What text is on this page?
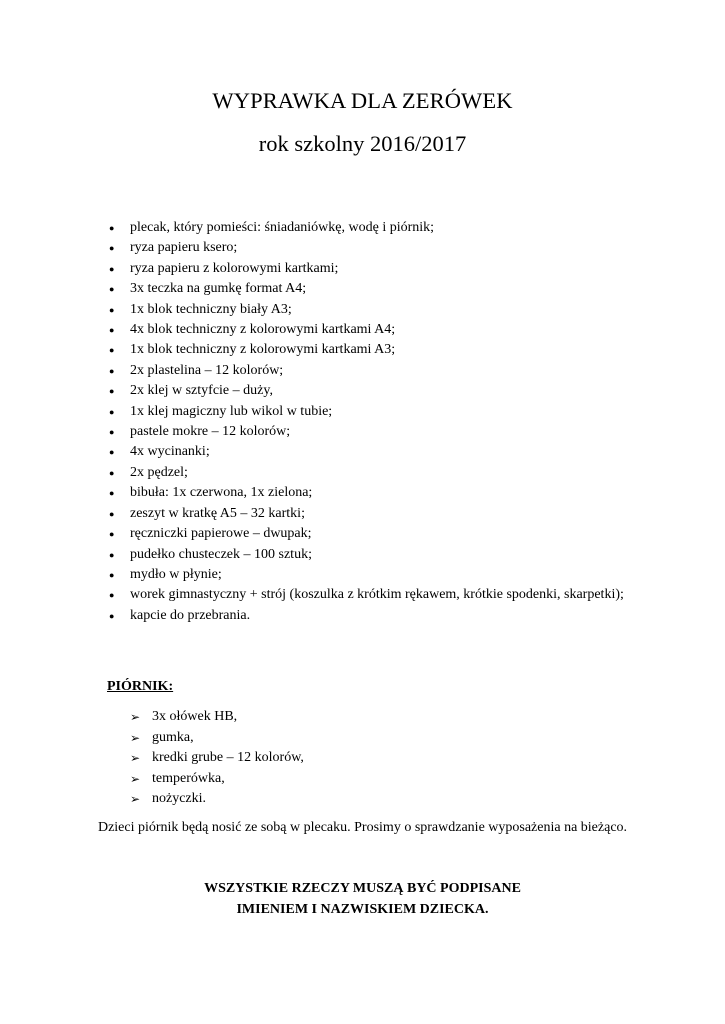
WYPRAWKA DLA ZERÓWEK
rok szkolny 2016/2017
●	plecak, który pomieści: śniadaniówkę, wodę i piórnik;
●	ryza papieru ksero;
●	ryza papieru z kolorowymi kartkami;
●	3x teczka na gumkę format A4;
●	1x blok techniczny biały A3;
●	4x blok techniczny z kolorowymi kartkami A4;
●	1x blok techniczny z kolorowymi kartkami A3;
●	2x plastelina – 12 kolorów;
●	2x klej w sztyfcie – duży,
●	1x klej magiczny lub wikol w tubie;
●	pastele mokre – 12 kolorów;
●	4x wycinanki;
●	2x pędzel;
●	bibuła: 1x czerwona, 1x zielona;
●	zeszyt w kratkę A5 – 32 kartki;
●	ręczniczki papierowe – dwupak;
●	pudełko chusteczek – 100 sztuk;
●	mydło w płynie;
●	worek gimnastyczny + strój (koszulka z krótkim rękawem, krótkie spodenki, skarpetki);
●	kapcie do przebrania.
PIÓRNIK:
➢ 3x ołówek HB,
➢ gumka,
➢ kredki grube – 12 kolorów,
➢ temperówka,
➢ nożyczki.
Dzieci piórnik będą nosić ze sobą w plecaku. Prosimy o sprawdzanie wyposażenia na bieżąco.
WSZYSTKIE RZECZY MUSZĄ BYĆ PODPISANE
IMIENIEM I NAZWISKIEM DZIECKA.
